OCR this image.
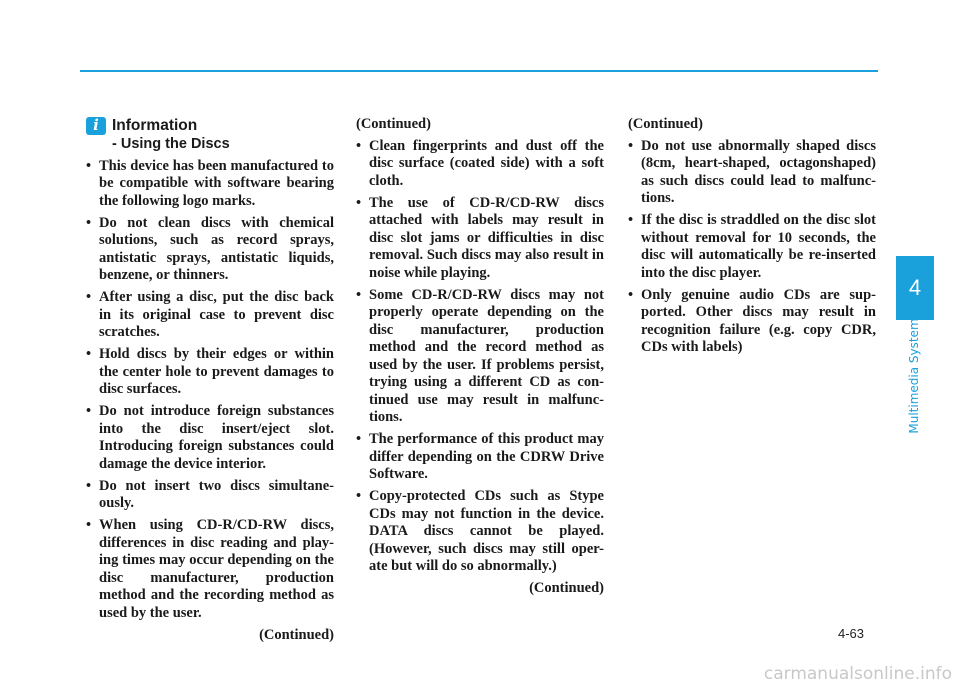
i Information
- Using the Discs
• This device has been manufactured to be compatible with software bearing the following logo marks.
• Do not clean discs with chemical solutions, such as record sprays, antistatic sprays, antistatic liquids, benzene, or thinners.
• After using a disc, put the disc back in its original case to prevent disc scratches.
• Hold discs by their edges or within the center hole to prevent damages to disc surfaces.
• Do not introduce foreign substances into the disc insert/eject slot. Introducing foreign substances could damage the device interior.
• Do not insert two discs simultane-ously.
• When using CD-R/CD-RW discs, differences in disc reading and play-ing times may occur depending on the disc manufacturer, production method and the recording method as used by the user.
(Continued)
(Continued)
• Clean fingerprints and dust off the disc surface (coated side) with a soft cloth.
• The use of CD-R/CD-RW discs attached with labels may result in disc slot jams or difficulties in disc removal. Such discs may also result in noise while playing.
• Some CD-R/CD-RW discs may not properly operate depending on the disc manufacturer, production method and the record method as used by the user. If problems persist, trying using a different CD as con-tinued use may result in malfunc-tions.
• The performance of this product may differ depending on the CDRW Drive Software.
• Copy-protected CDs such as Stype CDs may not function in the device. DATA discs cannot be played. (However, such discs may still oper-ate but will do so abnormally.)
(Continued)
(Continued)
• Do not use abnormally shaped discs (8cm, heart-shaped, octagonshaped) as such discs could lead to malfunc-tions.
• If the disc is straddled on the disc slot without removal for 10 seconds, the disc will automatically be re-inserted into the disc player.
• Only genuine audio CDs are sup-ported. Other discs may result in recognition failure (e.g. copy CDR, CDs with labels)
4
Multimedia System
4-63
carmanualsonline.info
